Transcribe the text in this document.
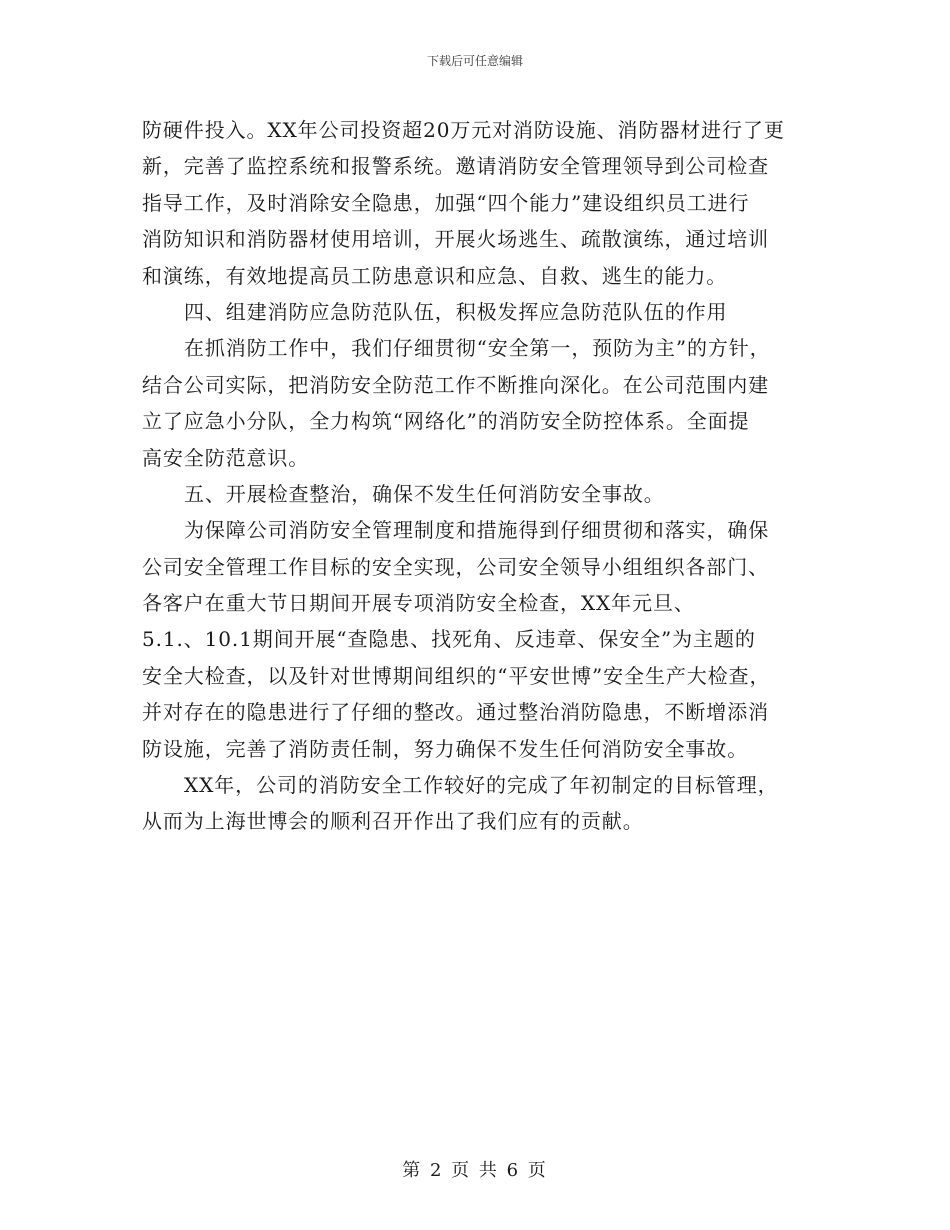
下载后可任意编辑
防硬件投入。XX年公司投资超20万元对消防设施、消防器材进行了更
新，完善了监控系统和报警系统。邀请消防安全管理领导到公司检查
指导工作，及时消除安全隐患，加强“四个能力”建设组织员工进行
消防知识和消防器材使用培训，开展火场逃生、疏散演练，通过培训
和演练，有效地提高员工防患意识和应急、自救、逃生的能力。
四、组建消防应急防范队伍，积极发挥应急防范队伍的作用
在抓消防工作中，我们仔细贯彻“安全第一，预防为主”的方针，
结合公司实际，把消防安全防范工作不断推向深化。在公司范围内建
立了应急小分队，全力构筑“网络化”的消防安全防控体系。全面提
高安全防范意识。
五、开展检查整治，确保不发生任何消防安全事故。
为保障公司消防安全管理制度和措施得到仔细贯彻和落实，确保
公司安全管理工作目标的安全实现，公司安全领导小组组织各部门、
各客户在重大节日期间开展专项消防安全检查，XX年元旦、
5.1.、10.1期间开展“查隐患、找死角、反违章、保安全”为主题的
安全大检查，以及针对世博期间组织的“平安世博”安全生产大检查，
并对存在的隐患进行了仔细的整改。通过整治消防隐患，不断增添消
防设施，完善了消防责任制，努力确保不发生任何消防安全事故。
XX年，公司的消防安全工作较好的完成了年初制定的目标管理，
从而为上海世博会的顺利召开作出了我们应有的贡献。
第 2 页 共 6 页
